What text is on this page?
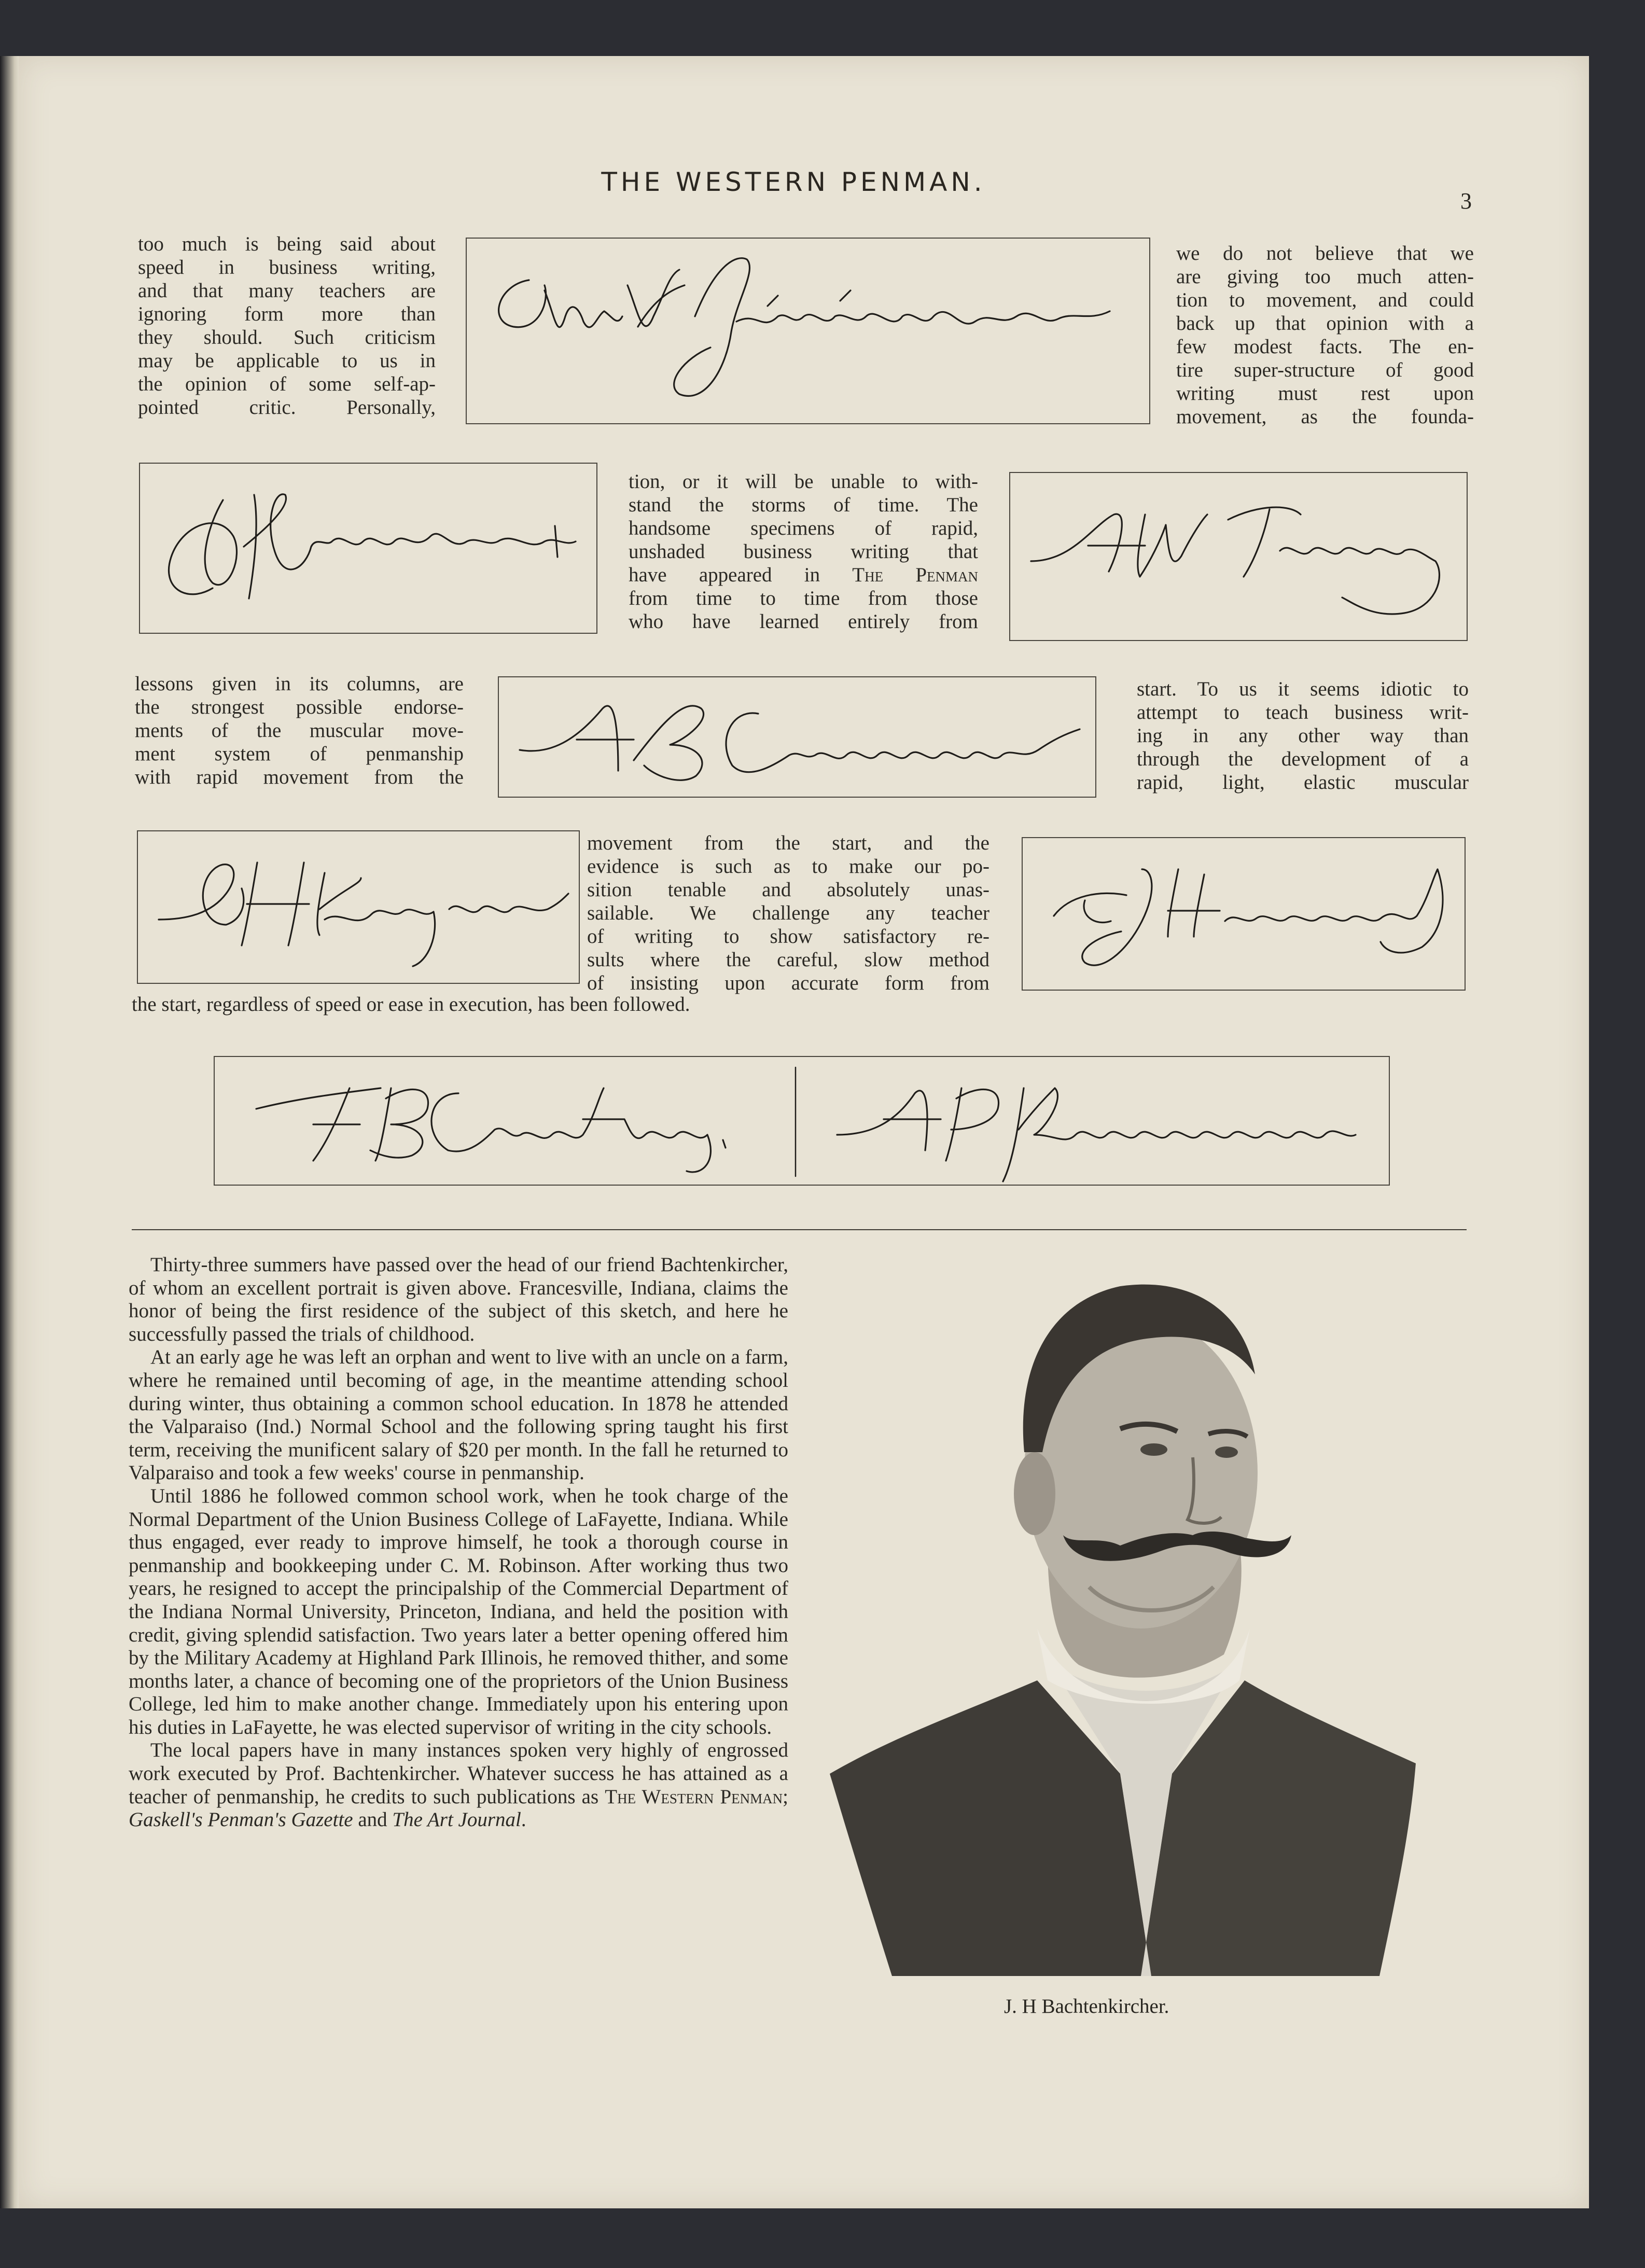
THE WESTERN PENMAN.
3
too much is being said about
speed in business writing,
and that many teachers are
ignoring form more than
they should. Such criticism
may be applicable to us in
the opinion of some self-ap-
pointed critic. Personally,
we do not believe that we
are giving too much atten-
tion to movement, and could
back up that opinion with a
few modest facts. The en-
tire super-structure of good
writing must rest upon
movement, as the founda-
tion, or it will be unable to with-
stand the storms of time. The
handsome specimens of rapid,
unshaded business writing that
have appeared in The Penman
from time to time from those
who have learned entirely from
lessons given in its columns, are
the strongest possible endorse-
ments of the muscular move-
ment system of penmanship
with rapid movement from the
start. To us it seems idiotic to
attempt to teach business writ-
ing in any other way than
through the development of a
rapid, light, elastic muscular
movement from the start, and the
evidence is such as to make our po-
sition tenable and absolutely unas-
sailable. We challenge any teacher
of writing to show satisfactory re-
sults where the careful, slow method
of insisting upon accurate form from
the start, regardless of speed or ease in execution, has been followed.

Thirty-three summers have passed over the head of our friend Bachtenkircher, of whom an excellent portrait is given above. Francesville, Indiana, claims the honor of being the first residence of the subject of this sketch, and here he successfully passed the trials of childhood.

At an early age he was left an orphan and went to live with an uncle on a farm, where he remained until becoming of age, in the meantime attending school during winter, thus obtaining a common school education. In 1878 he attended the Valparaiso (Ind.) Normal School and the following spring taught his first term, receiving the munificent salary of $20 per month. In the fall he returned to Valparaiso and took a few weeks' course in penmanship.

Until 1886 he followed common school work, when he took charge of the Normal Department of the Union Business College of LaFayette, Indiana. While thus engaged, ever ready to improve himself, he took a thorough course in penmanship and bookkeeping under C. M. Robinson. After working thus two years, he resigned to accept the principalship of the Commercial Department of the Indiana Normal University, Princeton, Indiana, and held the position with credit, giving splendid satisfaction. Two years later a better opening offered him by the Military Academy at Highland Park Illinois, he removed thither, and some months later, a chance of becoming one of the proprietors of the Union Business College, led him to make another change. Immediately upon his entering upon his duties in LaFayette, he was elected supervisor of writing in the city schools.

The local papers have in many instances spoken very highly of engrossed work executed by Prof. Bachtenkircher. Whatever success he has attained as a teacher of penmanship, he credits to such publications as The Western Penman; Gaskell's Penman's Gazette and The Art Journal.

J. H Bachtenkircher.
